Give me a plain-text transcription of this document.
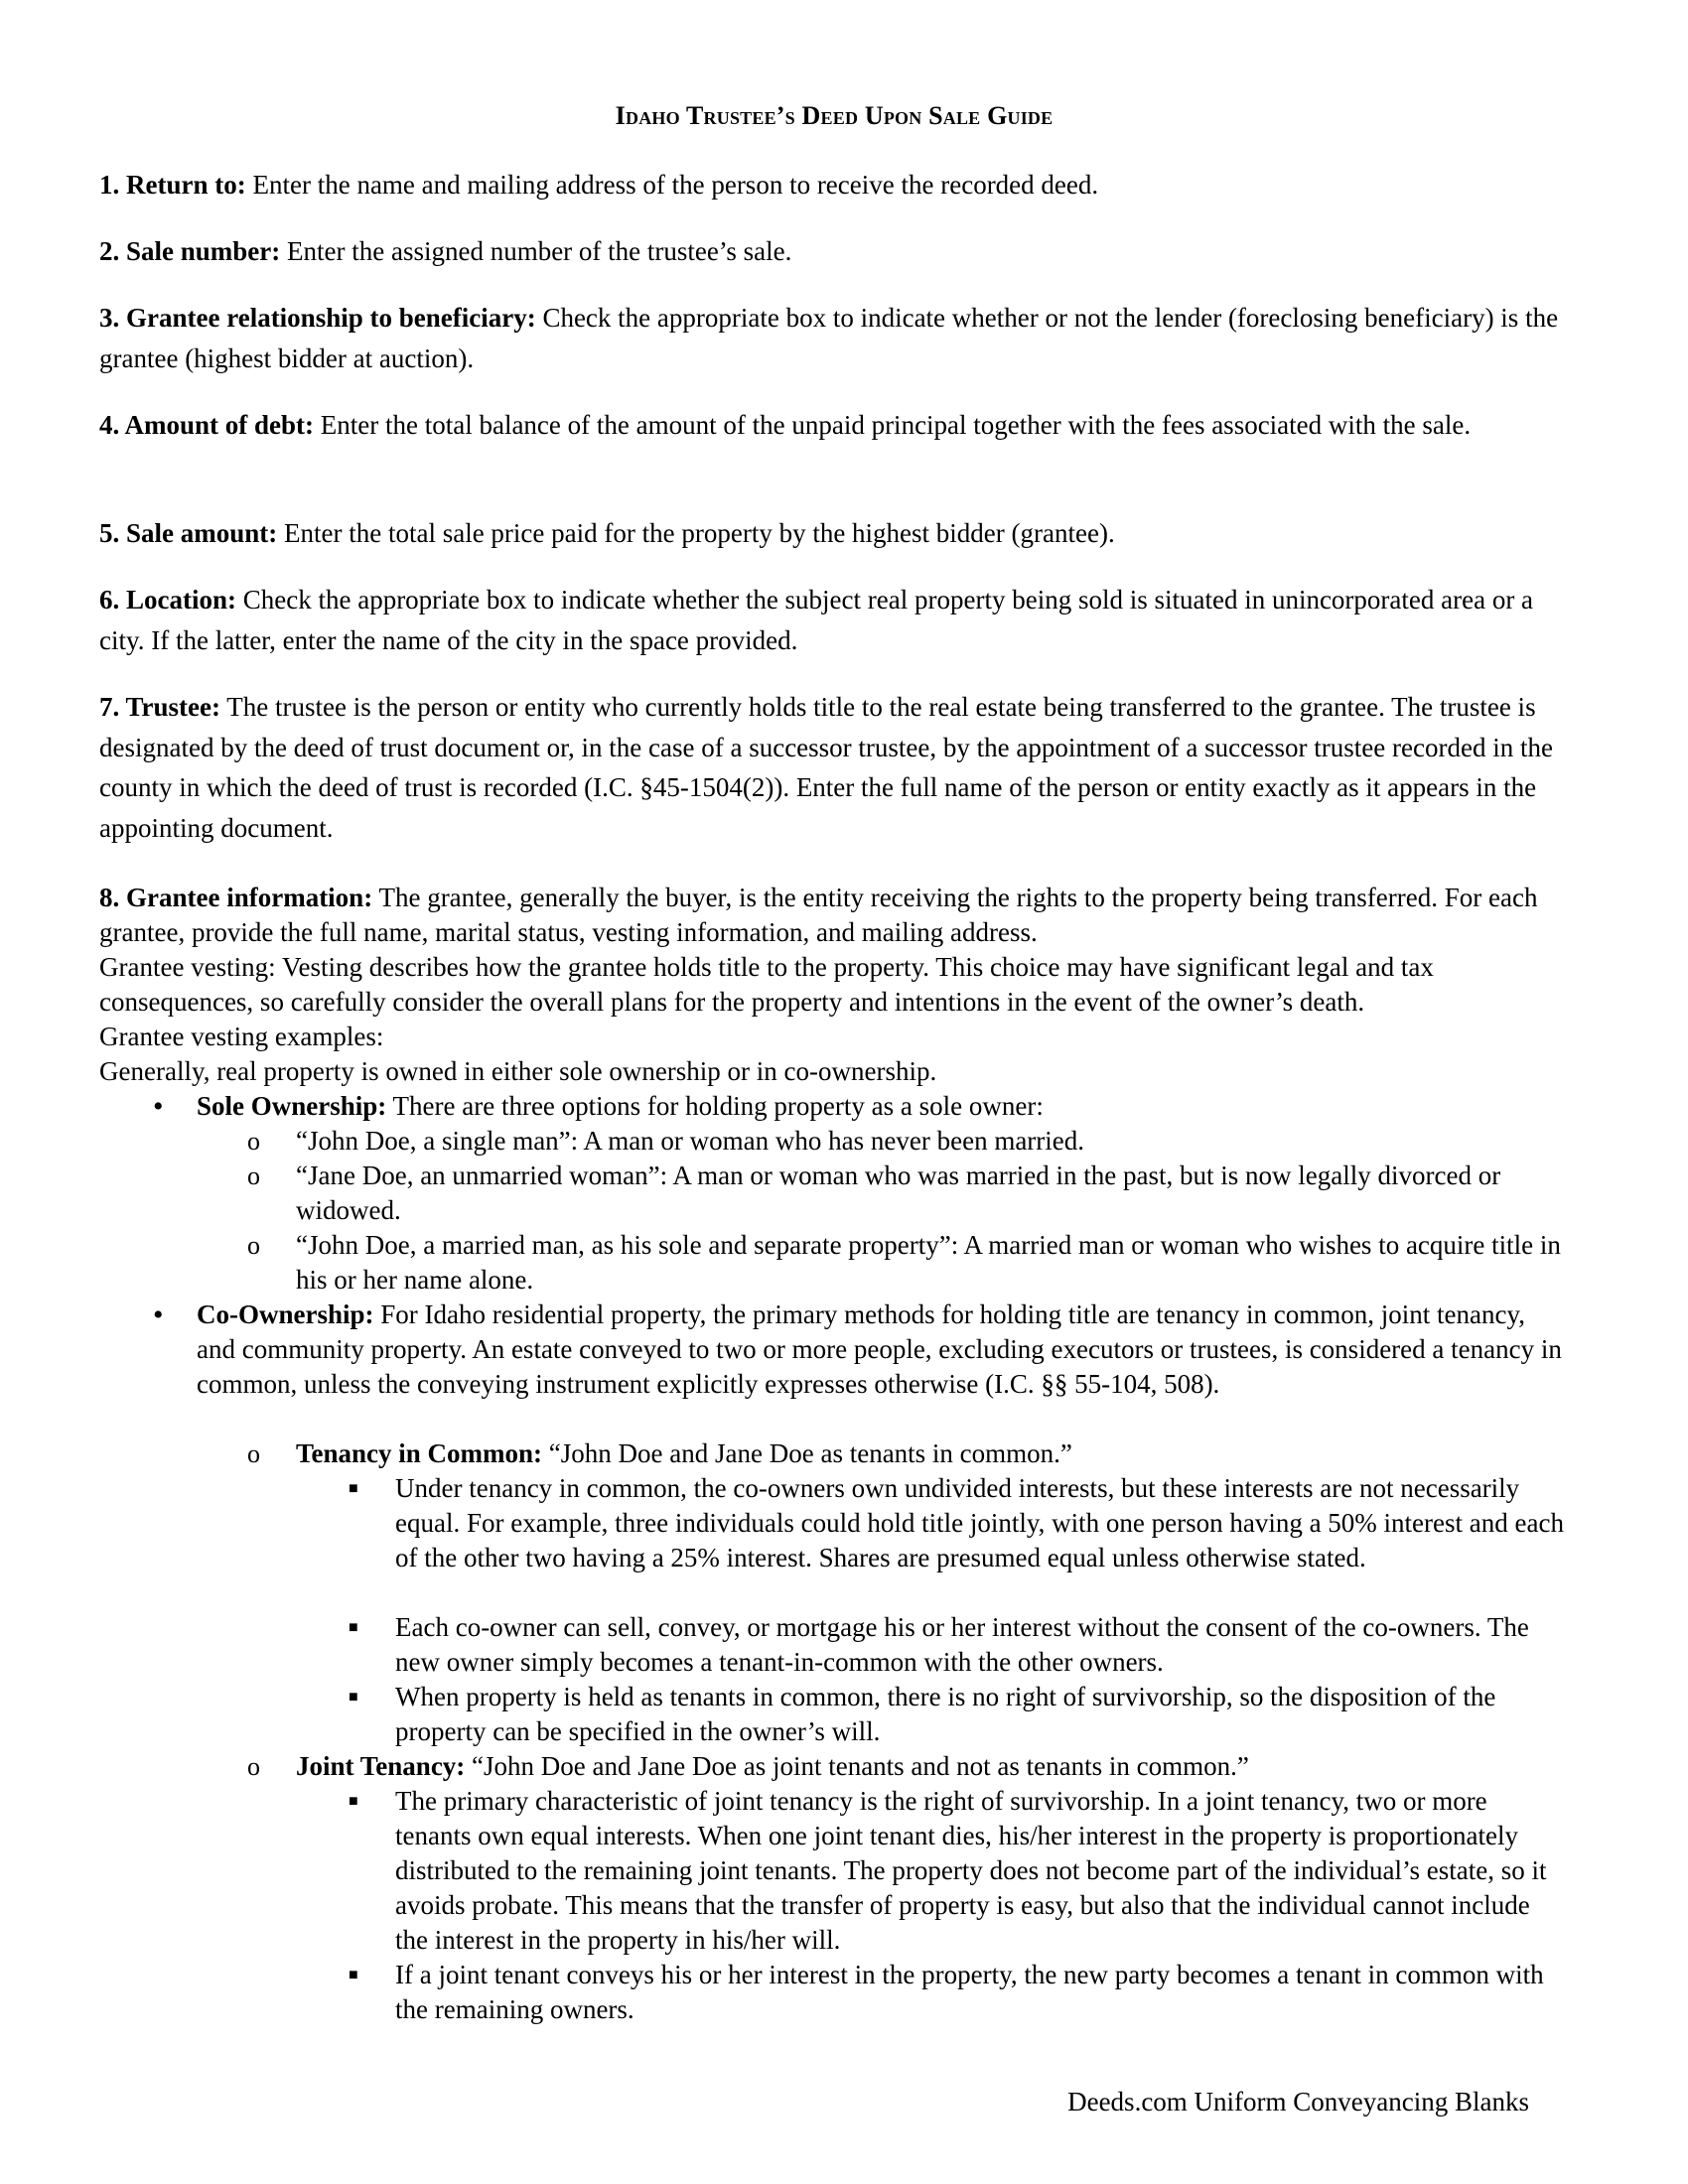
Idaho Trustee’s Deed Upon Sale Guide
1. Return to: Enter the name and mailing address of the person to receive the recorded deed.
2. Sale number: Enter the assigned number of the trustee’s sale.
3. Grantee relationship to beneficiary: Check the appropriate box to indicate whether or not the lender (foreclosing beneficiary) is the grantee (highest bidder at auction).
4. Amount of debt: Enter the total balance of the amount of the unpaid principal together with the fees associated with the sale.
5. Sale amount: Enter the total sale price paid for the property by the highest bidder (grantee).
6. Location: Check the appropriate box to indicate whether the subject real property being sold is situated in unincorporated area or a city. If the latter, enter the name of the city in the space provided.
7. Trustee: The trustee is the person or entity who currently holds title to the real estate being transferred to the grantee. The trustee is designated by the deed of trust document or, in the case of a successor trustee, by the appointment of a successor trustee recorded in the county in which the deed of trust is recorded (I.C. §45-1504(2)). Enter the full name of the person or entity exactly as it appears in the appointing document.
8. Grantee information: The grantee, generally the buyer, is the entity receiving the rights to the property being transferred. For each grantee, provide the full name, marital status, vesting information, and mailing address.
Grantee vesting: Vesting describes how the grantee holds title to the property. This choice may have significant legal and tax consequences, so carefully consider the overall plans for the property and intentions in the event of the owner’s death.
Grantee vesting examples:
Generally, real property is owned in either sole ownership or in co-ownership.
• Sole Ownership: There are three options for holding property as a sole owner:
o “John Doe, a single man”: A man or woman who has never been married.
o “Jane Doe, an unmarried woman”: A man or woman who was married in the past, but is now legally divorced or widowed.
o “John Doe, a married man, as his sole and separate property”: A married man or woman who wishes to acquire title in his or her name alone.
• Co-Ownership: For Idaho residential property, the primary methods for holding title are tenancy in common, joint tenancy, and community property. An estate conveyed to two or more people, excluding executors or trustees, is considered a tenancy in common, unless the conveying instrument explicitly expresses otherwise (I.C. §§ 55-104, 508).
o Tenancy in Common: “John Doe and Jane Doe as tenants in common.”
■ Under tenancy in common, the co-owners own undivided interests, but these interests are not necessarily equal. For example, three individuals could hold title jointly, with one person having a 50% interest and each of the other two having a 25% interest. Shares are presumed equal unless otherwise stated.
■ Each co-owner can sell, convey, or mortgage his or her interest without the consent of the co-owners. The new owner simply becomes a tenant-in-common with the other owners.
■ When property is held as tenants in common, there is no right of survivorship, so the disposition of the property can be specified in the owner’s will.
o Joint Tenancy: “John Doe and Jane Doe as joint tenants and not as tenants in common.”
■ The primary characteristic of joint tenancy is the right of survivorship. In a joint tenancy, two or more tenants own equal interests. When one joint tenant dies, his/her interest in the property is proportionately distributed to the remaining joint tenants. The property does not become part of the individual’s estate, so it avoids probate. This means that the transfer of property is easy, but also that the individual cannot include the interest in the property in his/her will.
■ If a joint tenant conveys his or her interest in the property, the new party becomes a tenant in common with the remaining owners.
Deeds.com Uniform Conveyancing Blanks
